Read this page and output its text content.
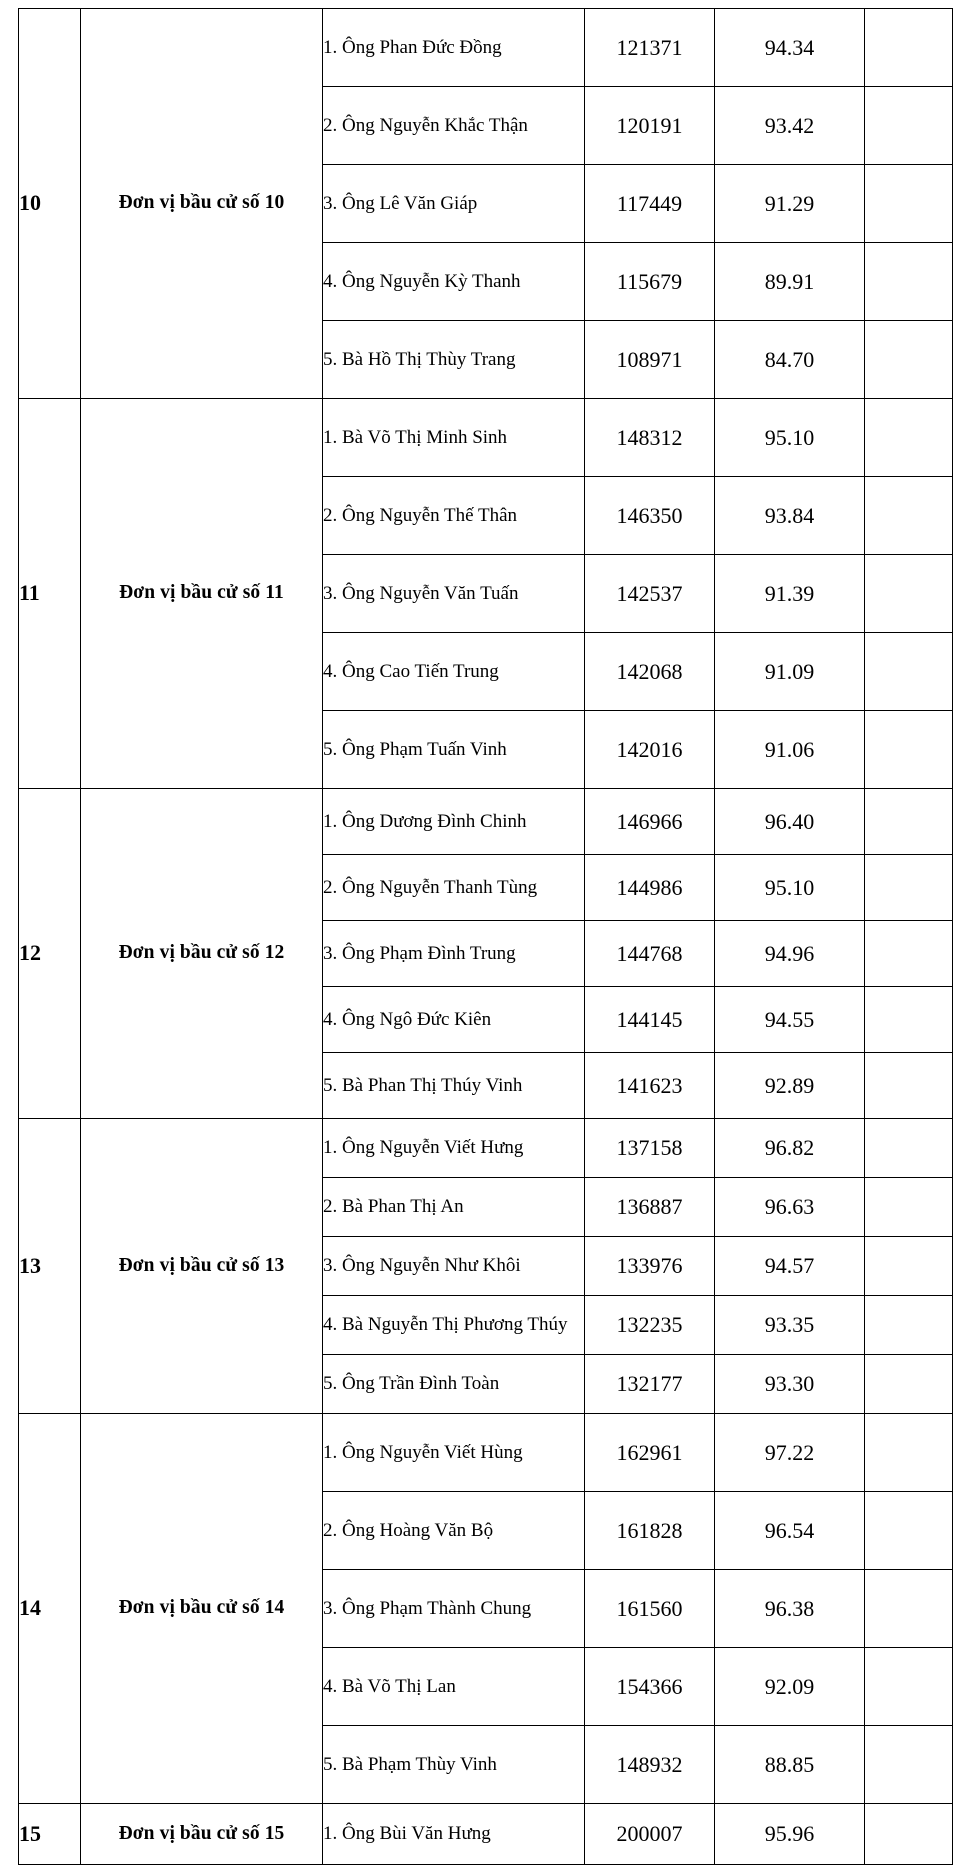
10	Đơn vị bầu cử số 10	1. Ông Phan Đức Đồng	121371	94.34	
		2. Ông Nguyễn Khắc Thận	120191	93.42	
		3. Ông Lê Văn Giáp	117449	91.29	
		4. Ông Nguyễn Kỳ Thanh	115679	89.91	
		5. Bà Hồ Thị Thùy Trang	108971	84.70	
11	Đơn vị bầu cử số 11	1. Bà Võ Thị Minh Sinh	148312	95.10	
		2. Ông Nguyễn Thế Thân	146350	93.84	
		3. Ông Nguyễn Văn Tuấn	142537	91.39	
		4. Ông Cao Tiến Trung	142068	91.09	
		5. Ông Phạm Tuấn Vinh	142016	91.06	
12	Đơn vị bầu cử số 12	1. Ông Dương Đình Chinh	146966	96.40	
		2. Ông Nguyễn Thanh Tùng	144986	95.10	
		3. Ông Phạm Đình Trung	144768	94.96	
		4. Ông Ngô Đức Kiên	144145	94.55	
		5. Bà Phan Thị Thúy Vinh	141623	92.89	
13	Đơn vị bầu cử số 13	1. Ông Nguyễn Viết Hưng	137158	96.82	
		2. Bà Phan Thị An	136887	96.63	
		3. Ông Nguyễn Như Khôi	133976	94.57	
		4. Bà Nguyễn Thị Phương Thúy	132235	93.35	
		5. Ông Trần Đình Toàn	132177	93.30	
14	Đơn vị bầu cử số 14	1. Ông Nguyễn Viết Hùng	162961	97.22	
		2. Ông Hoàng Văn Bộ	161828	96.54	
		3. Ông Phạm Thành Chung	161560	96.38	
		4. Bà Võ Thị Lan	154366	92.09	
		5. Bà Phạm Thùy Vinh	148932	88.85	
15	Đơn vị bầu cử số 15	1. Ông Bùi Văn Hưng	200007	95.96	
